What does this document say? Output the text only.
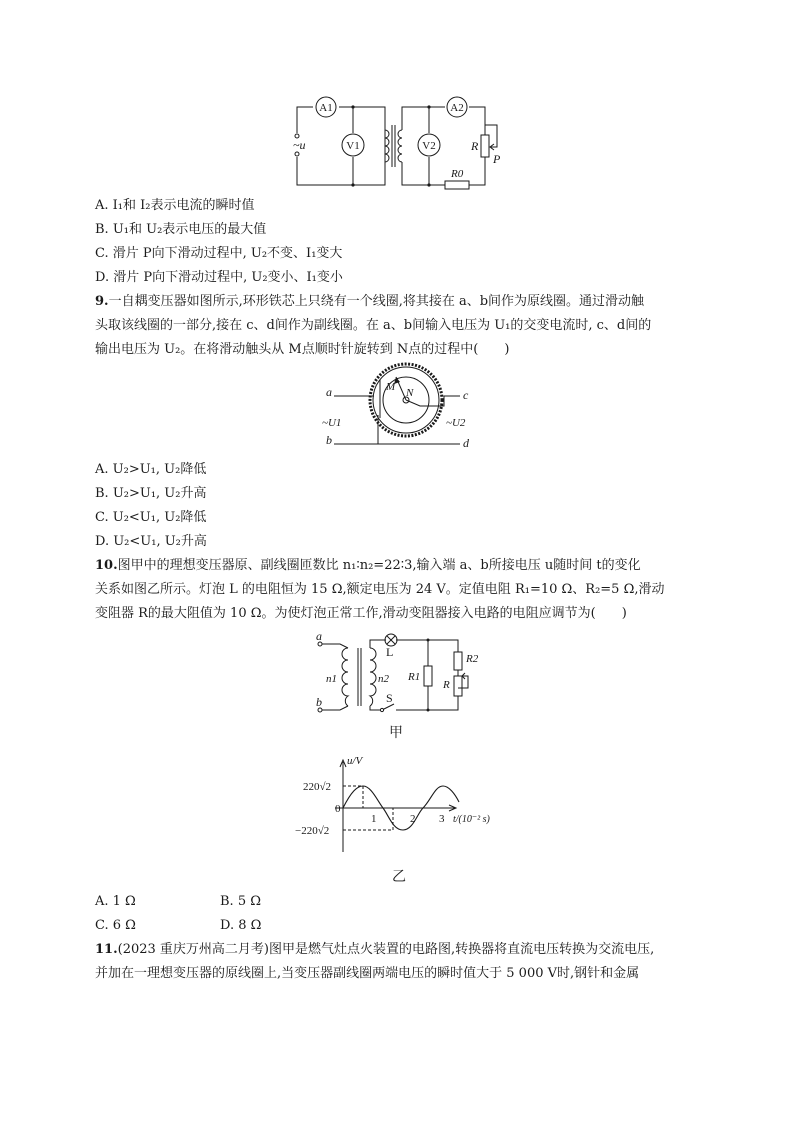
A1
V1
A2
V2
~u	R
P
R0
A. I₁和 I₂表示电流的瞬时值
B. U₁和 U₂表示电压的最大值
C. 滑片 P向下滑动过程中, U₂不变、I₁变大
D. 滑片 P向下滑动过程中, U₂变小、I₁变小
9.一自耦变压器如图所示,环形铁芯上只绕有一个线圈,将其接在 a、b间作为原线圈。通过滑动触
头取该线圈的一部分,接在 c、d间作为副线圈。在 a、b间输入电压为 U₁的交变电流时, c、d间的
输出电压为 U₂。在将滑动触头从 M点顺时针旋转到 N点的过程中(　　)
a
b
c
d
M N
~U1	~U2
A. U₂>U₁, U₂降低
B. U₂>U₁, U₂升高
C. U₂<U₁, U₂降低
D. U₂<U₁, U₂升高
10.图甲中的理想变压器原、副线圈匝数比 n₁∶n₂=22∶3,输入端 a、b所接电压 u随时间 t的变化
关系如图乙所示。灯泡 L 的电阻恒为 15 Ω,额定电压为 24 V。定值电阻 R₁=10 Ω、R₂=5 Ω,滑动
变阻器 R的最大阻值为 10 Ω。为使灯泡正常工作,滑动变阻器接入电路的电阻应调节为(　　)
a
b
n1	n2
L
S
R1
R2
R
甲
u/V
220√2
−220√2
0
1	2 3 t/(10⁻² s)
乙
A. 1 Ω	B. 5 Ω
C. 6 Ω	D. 8 Ω
11.(2023 重庆万州高二月考)图甲是燃气灶点火装置的电路图,转换器将直流电压转换为交流电压,
并加在一理想变压器的原线圈上,当变压器副线圈两端电压的瞬时值大于 5 000 V时,钢针和金属
